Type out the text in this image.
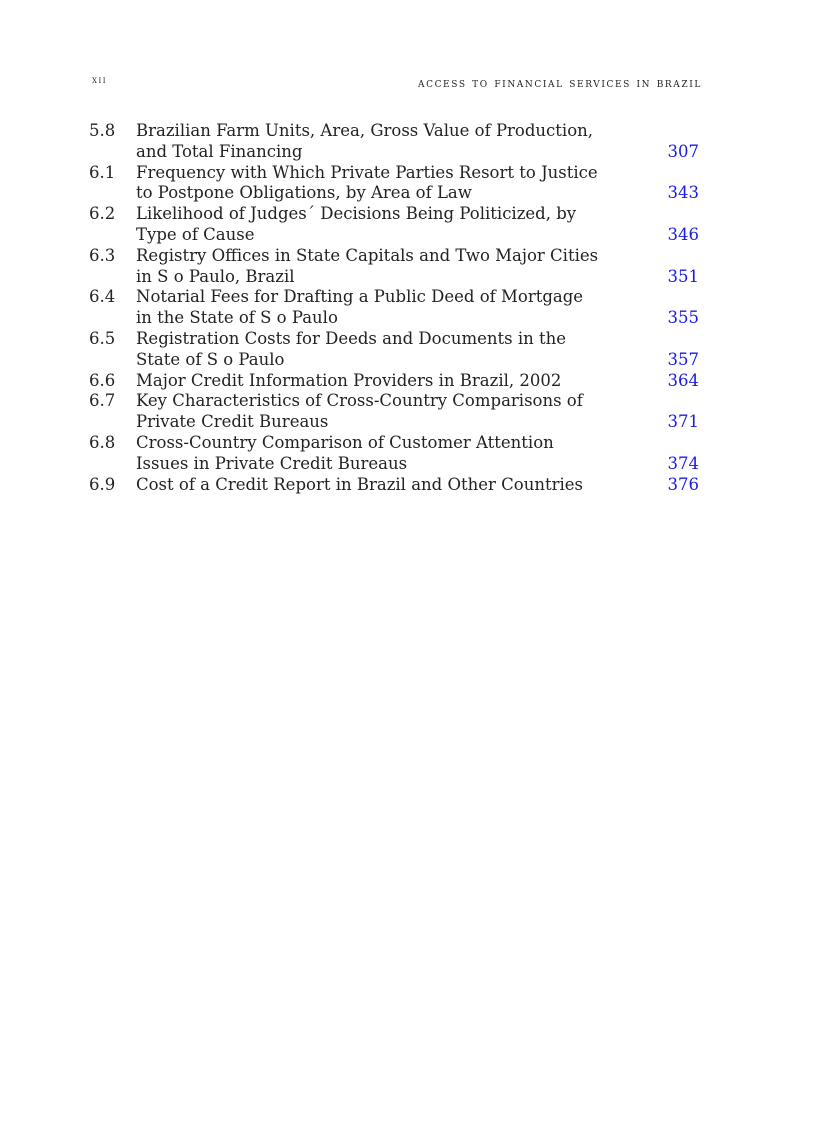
xii	access to financial services in brazil
5.8	Brazilian Farm Units, Area, Gross Value of Production,
and Total Financing	307
6.1	Frequency with Which Private Parties Resort to Justice
to Postpone Obligations, by Area of Law	343
6.2	Likelihood of Judges´ Decisions Being Politicized, by
Type of Cause	346
6.3	Registry Offices in State Capitals and Two Major Cities
in S o Paulo, Brazil	351
6.4	Notarial Fees for Drafting a Public Deed of Mortgage
in the State of S o Paulo	355
6.5	Registration Costs for Deeds and Documents in the
State of S o Paulo	357
6.6	Major Credit Information Providers in Brazil, 2002	364
6.7	Key Characteristics of Cross-Country Comparisons of
Private Credit Bureaus	371
6.8	Cross-Country Comparison of Customer Attention
Issues in Private Credit Bureaus	374
6.9	Cost of a Credit Report in Brazil and Other Countries	376
